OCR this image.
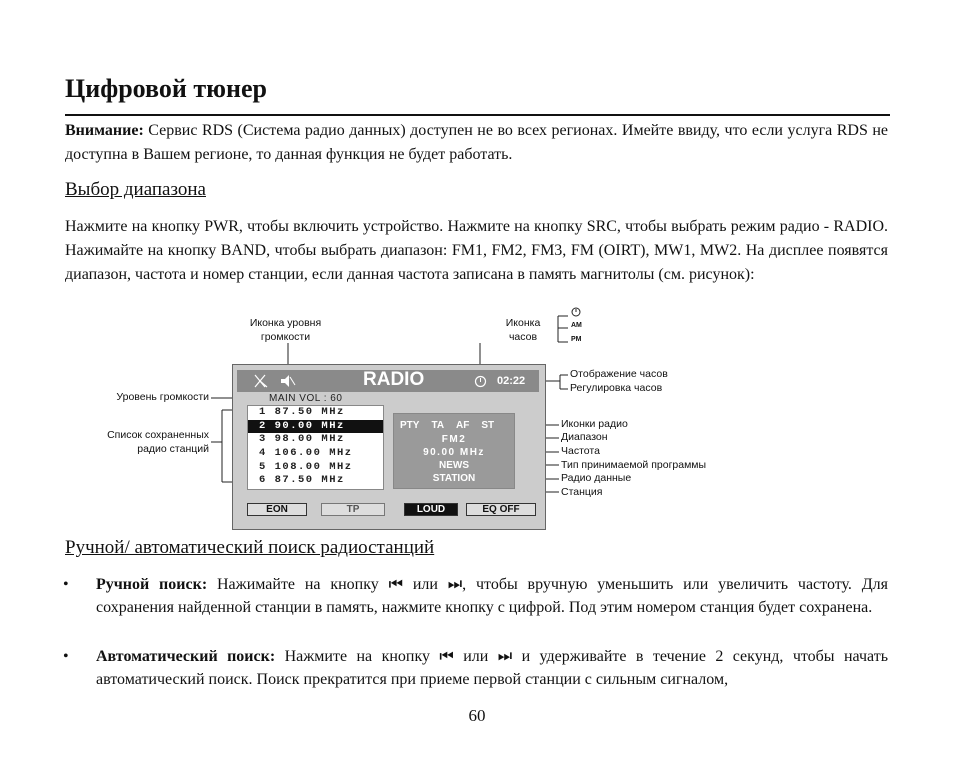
Цифровой тюнер
Внимание: Сервис RDS (Система радио данных) доступен не во всех регионах. Имейте ввиду, что если услуга RDS не доступна в Вашем регионе, то данная функция не будет работать.
Выбор диапазона
Нажмите на кнопку PWR, чтобы включить устройство. Нажмите на кнопку SRC, чтобы выбрать режим радио - RADIO. Нажимайте на кнопку BAND, чтобы выбрать диапазон: FM1, FM2, FM3, FM (OIRT), MW1, MW2. На дисплее появятся диапазон, частота и номер станции, если данная частота записана в память магнитолы (см. рисунок):
Иконка уровня
громкости
Иконка
часов
AM
PM
Уровень громкости
Список сохраненных
радио станций
Отображение часов
Регулировка часов
Иконки радио
Диапазон
Частота
Тип принимаемой программы
Радио данные
Станция
RADIO	02:22
MAIN VOL : 60
1 87.50 MHz
2 90.00 MHz
3 98.00 MHz
4 106.00 MHz
5 108.00 MHz
6 87.50 MHz
PTY TA AF ST
FM2
90.00 MHz
NEWS
STATION
EON	TP	LOUD	EQ OFF
Ручной/ автоматический поиск радиостанций
• Ручной поиск: Нажимайте на кнопку ⏮ или ⏭, чтобы вручную уменьшить или увеличить частоту. Для сохранения найденной станции в память, нажмите кнопку с цифрой. Под этим номером станция будет сохранена.
• Автоматический поиск: Нажмите на кнопку ⏮ или ⏭ и удерживайте в течение 2 секунд, чтобы начать автоматический поиск. Поиск прекратится при приеме первой станции с сильным сигналом,
60
